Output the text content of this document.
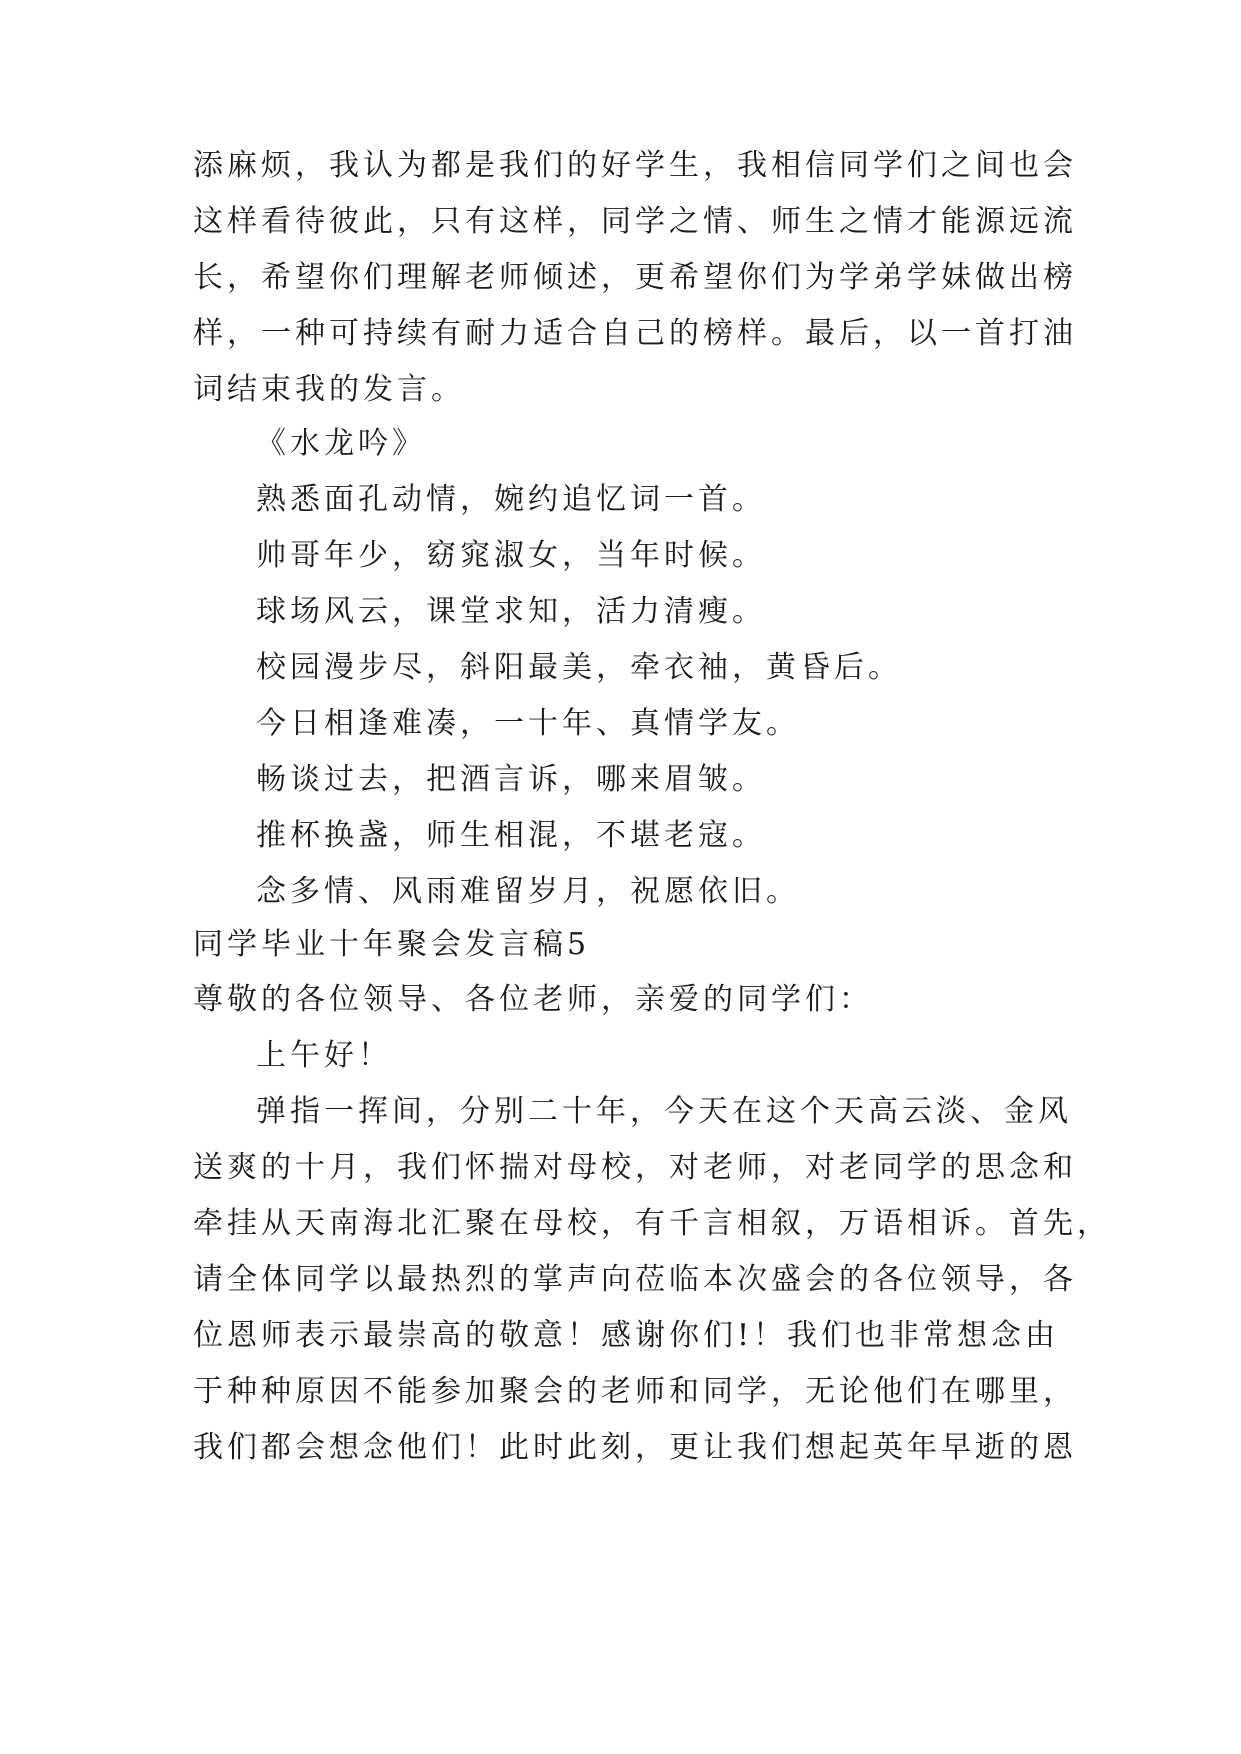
添麻烦，我认为都是我们的好学生，我相信同学们之间也会
这样看待彼此，只有这样，同学之情、师生之情才能源远流
长，希望你们理解老师倾述，更希望你们为学弟学妹做出榜
样，一种可持续有耐力适合自己的榜样。最后，以一首打油
词结束我的发言。
《水龙吟》
熟悉面孔动情，婉约追忆词一首。
帅哥年少，窈窕淑女，当年时候。
球场风云，课堂求知，活力清瘦。
校园漫步尽，斜阳最美，牵衣袖，黄昏后。
今日相逢难凑，一十年、真情学友。
畅谈过去，把酒言诉，哪来眉皱。
推杯换盏，师生相混，不堪老寇。
念多情、风雨难留岁月，祝愿依旧。
同学毕业十年聚会发言稿5
尊敬的各位领导、各位老师，亲爱的同学们：
上午好！
弹指一挥间，分别二十年，今天在这个天高云淡、金风
送爽的十月，我们怀揣对母校，对老师，对老同学的思念和
牵挂从天南海北汇聚在母校，有千言相叙，万语相诉。首先，
请全体同学以最热烈的掌声向莅临本次盛会的各位领导，各
位恩师表示最崇高的敬意！感谢你们!！我们也非常想念由
于种种原因不能参加聚会的老师和同学，无论他们在哪里，
我们都会想念他们！此时此刻，更让我们想起英年早逝的恩
